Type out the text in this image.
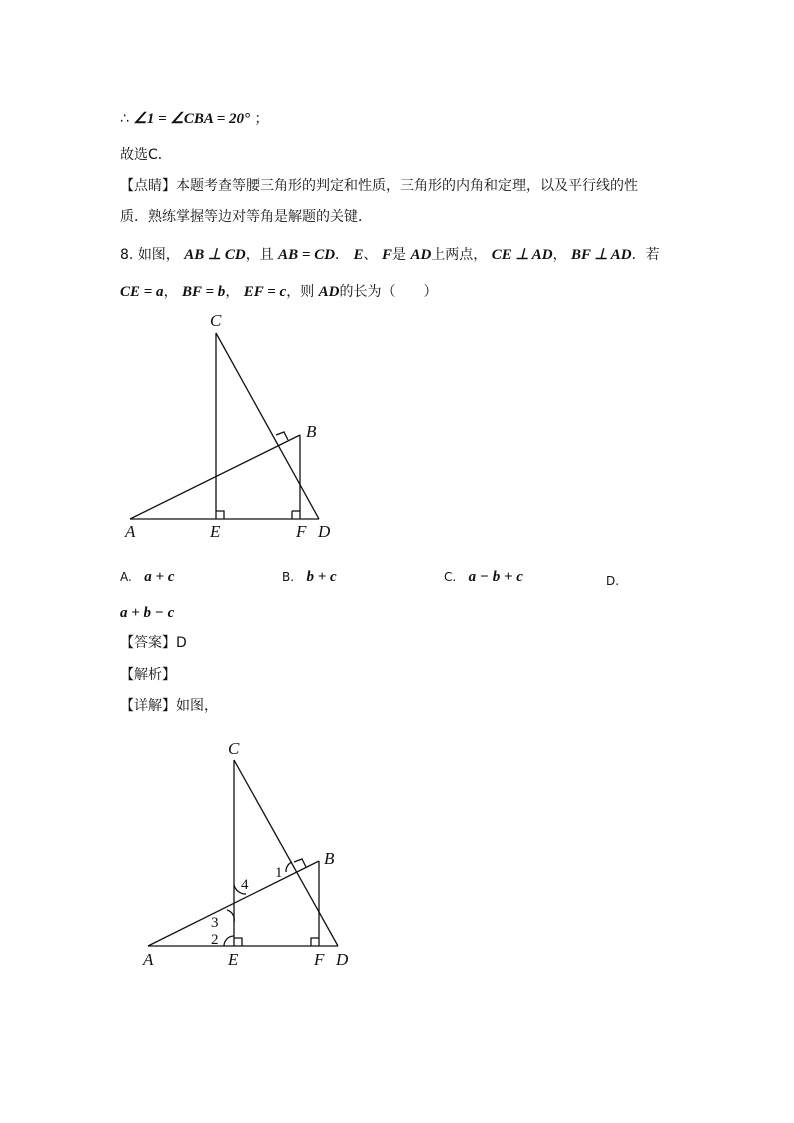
∴ ∠1 = ∠CBA = 20° ；
故选C．
【点睛】本题考查等腰三角形的判定和性质，三角形的内角和定理，以及平行线的性
质．熟练掌握等边对等角是解题的关键．
8. 如图， AB ⊥ CD，且 AB = CD． E、 F是 AD上两点， CE ⊥ AD， BF ⊥ AD．若
CE = a， BF = b， EF = c，则 AD的长为（　　）
C
B
A	E	F D
C
B
A	E	F D
1
4
3
2
A. a + c	B. b + c	C. a − b + c	D.
a + b − c
【答案】D
【解析】
【详解】如图，
